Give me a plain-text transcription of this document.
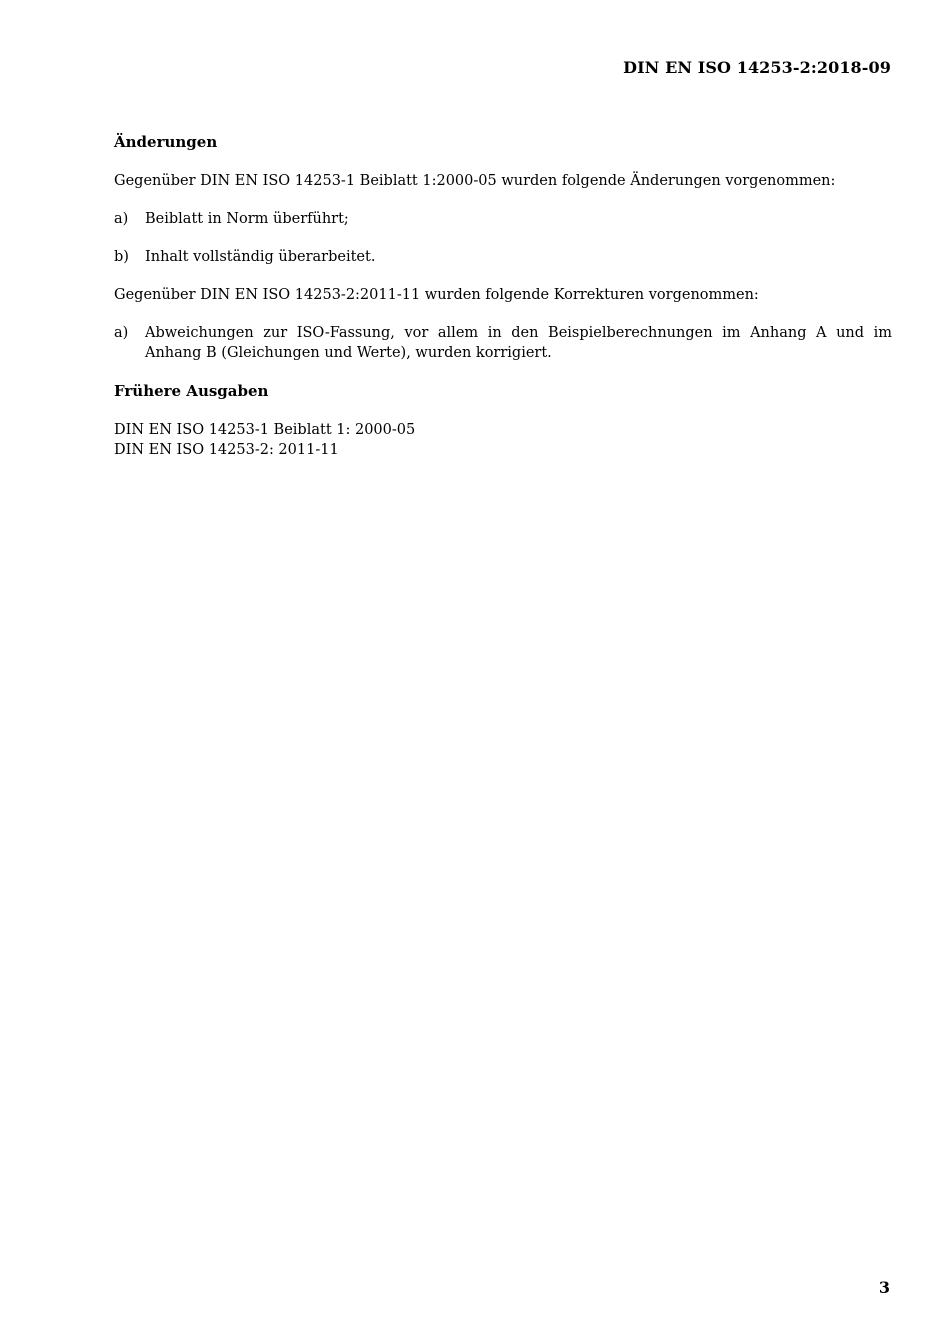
DIN EN ISO 14253-2:2018-09
Änderungen

Gegenüber DIN EN ISO 14253-1 Beiblatt 1:2000-05 wurden folgende Änderungen vorgenommen:

a)	Beiblatt in Norm überführt;
b)	Inhalt vollständig überarbeitet.

Gegenüber DIN EN ISO 14253-2:2011-11 wurden folgende Korrekturen vorgenommen:

a)	Abweichungen zur ISO-Fassung, vor allem in den Beispielberechnungen im Anhang A und im Anhang B (Gleichungen und Werte), wurden korrigiert.
Frühere Ausgaben

DIN EN ISO 14253-1 Beiblatt 1: 2000-05

DIN EN ISO 14253-2: 2011-11

3
